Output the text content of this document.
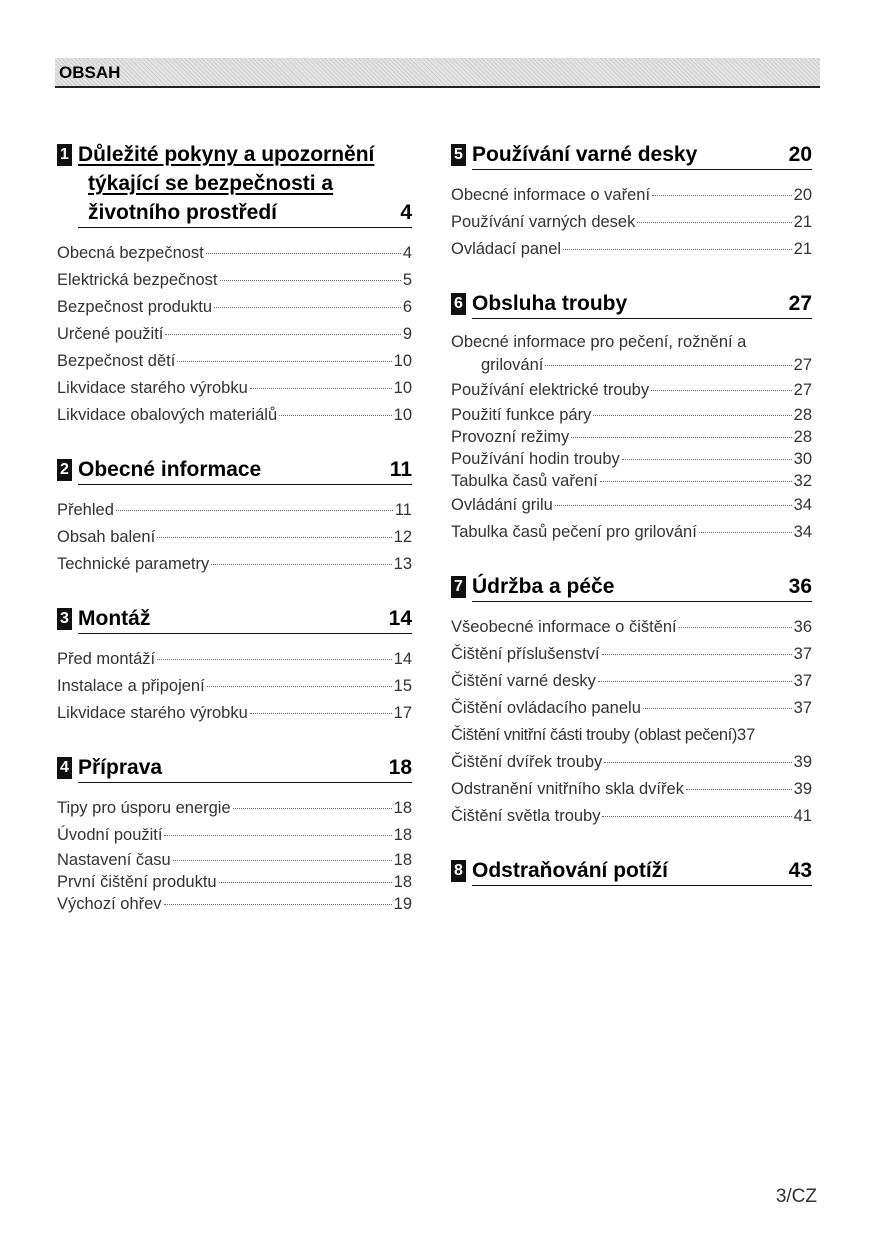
OBSAH
1 Důležité pokyny a upozornění
týkající se bezpečnosti a
životního prostředí	4
Obecná bezpečnost	4
Elektrická bezpečnost	5
Bezpečnost produktu	6
Určené použití	9
Bezpečnost dětí	10
Likvidace starého výrobku	10
Likvidace obalových materiálů	10
2 Obecné informace	11
Přehled	11
Obsah balení	12
Technické parametry	13
3 Montáž	14
Před montáží	14
Instalace a připojení	15
Likvidace starého výrobku	17
4 Příprava	18
Tipy pro úsporu energie	18
Úvodní použití	18
Nastavení času	18
První čištění produktu	18
Výchozí ohřev	19
5 Používání varné desky	20
Obecné informace o vaření	20
Používání varných desek	21
Ovládací panel	21
6 Obsluha trouby	27
Obecné informace pro pečení, rožnění a
grilování	27
Používání elektrické trouby	27
Použití funkce páry	28
Provozní režimy	28
Používání hodin trouby	30
Tabulka časů vaření	32
Ovládání grilu	34
Tabulka časů pečení pro grilování	34
7 Údržba a péče	36
Všeobecné informace o čištění	36
Čištění příslušenství	37
Čištění varné desky	37
Čištění ovládacího panelu	37
Čištění vnitřní části trouby (oblast pečení) 37
Čištění dvířek trouby	39
Odstranění vnitřního skla dvířek	39
Čištění světla trouby	41
8 Odstraňování potíží	43
3/CZ
